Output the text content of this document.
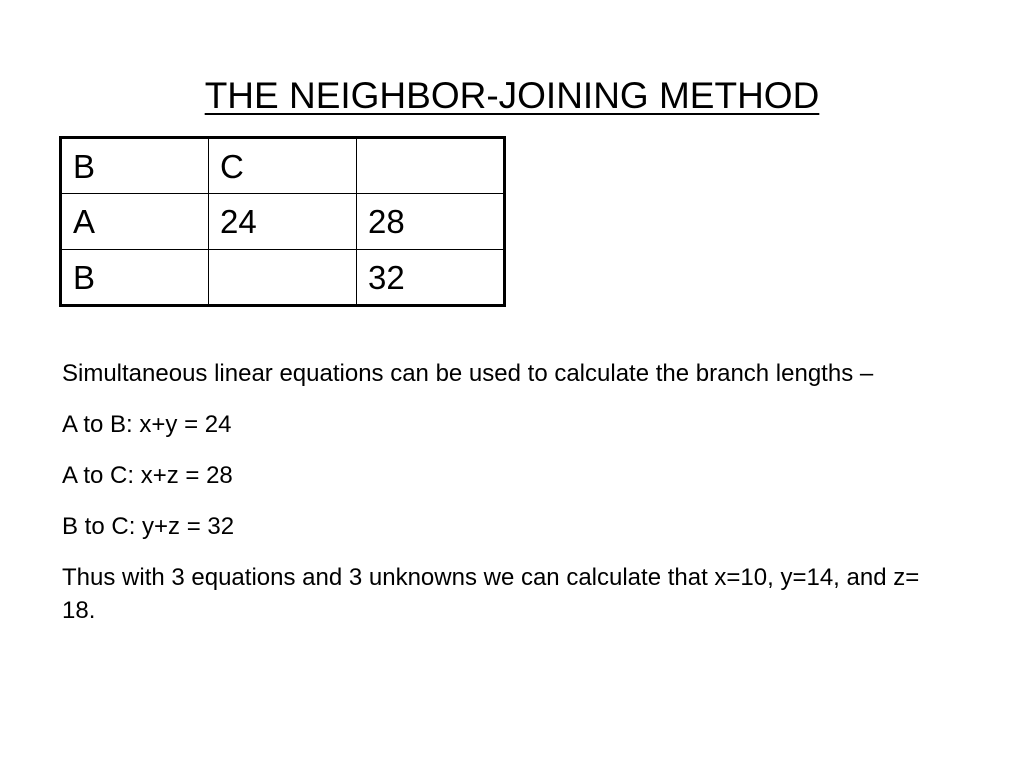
THE NEIGHBOR-JOINING METHOD
B	C	
A	24	28
B		32

Simultaneous linear equations can be used to calculate the branch lengths –

A to B: x+y = 24

A to C: x+z = 28

B to C: y+z = 32

Thus with 3 equations and 3 unknowns we can calculate that x=10, y=14, and z= 18.
